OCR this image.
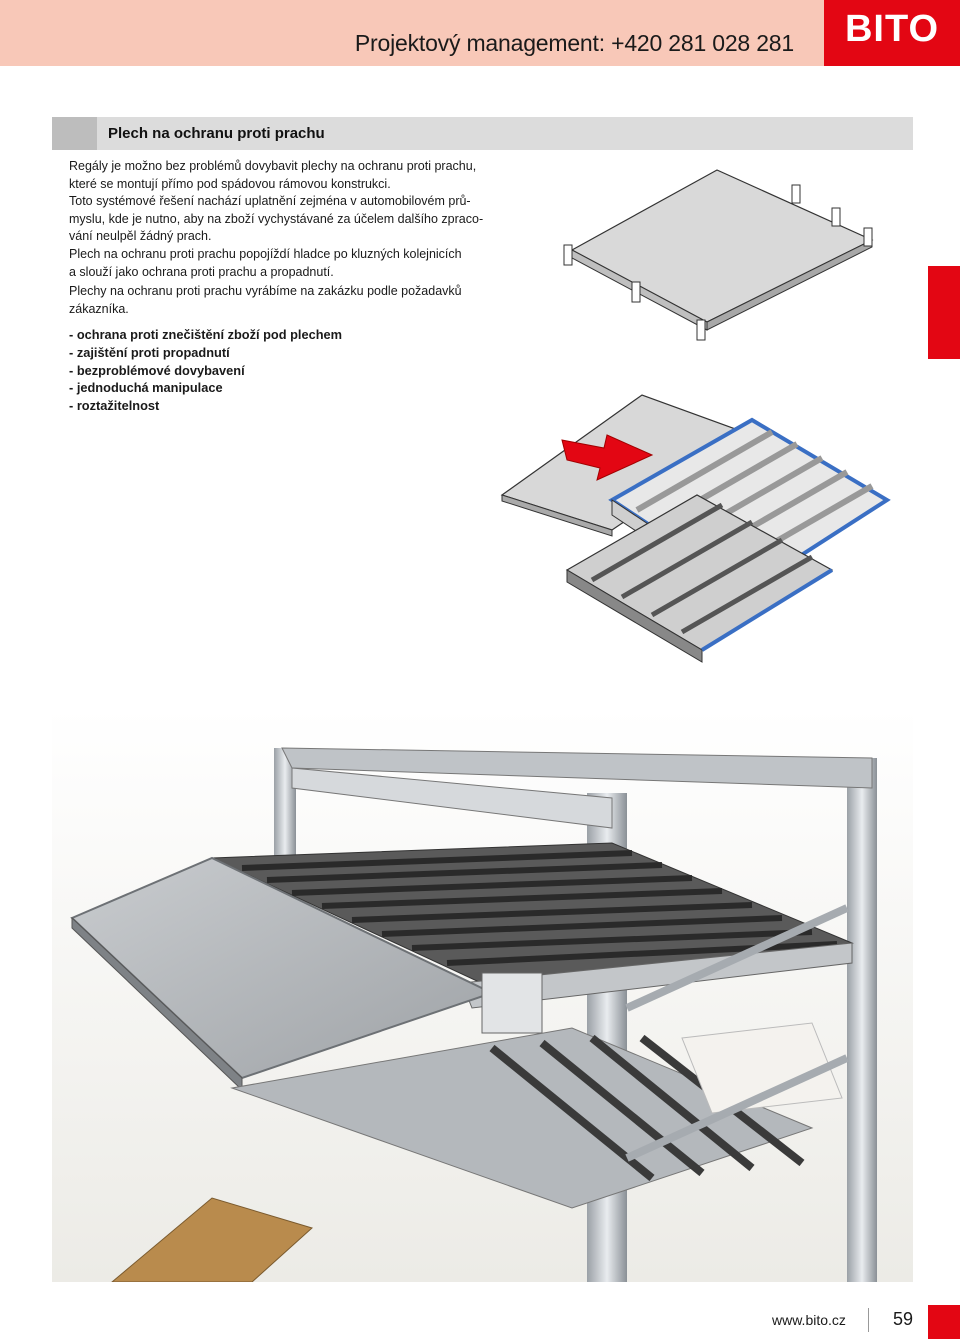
Projektový management: +420 281 028 281	BITO
Plech na ochranu proti prachu

Regály je možno bez problémů dovybavit plechy na ochranu proti prachu,

které se montují přímo pod spádovou rámovou konstrukci.

Toto systémové řešení nachází uplatnění zejména v automobilovém prů-

myslu, kde je nutno, aby na zboží vychystávané za účelem dalšího zpraco-

vání neulpěl žádný prach.

Plech na ochranu proti prachu popojíždí hladce po kluzných kolejnicích

a slouží jako ochrana proti prachu a propadnutí.

Plechy na ochranu proti prachu vyrábíme na zakázku podle požadavků

zákazníka.

- ochrana proti znečištění zboží pod plechem
- zajištění proti propadnutí
- bezproblémové dovybavení
- jednoduchá manipulace
- roztažitelnost
www.bito.cz	59
